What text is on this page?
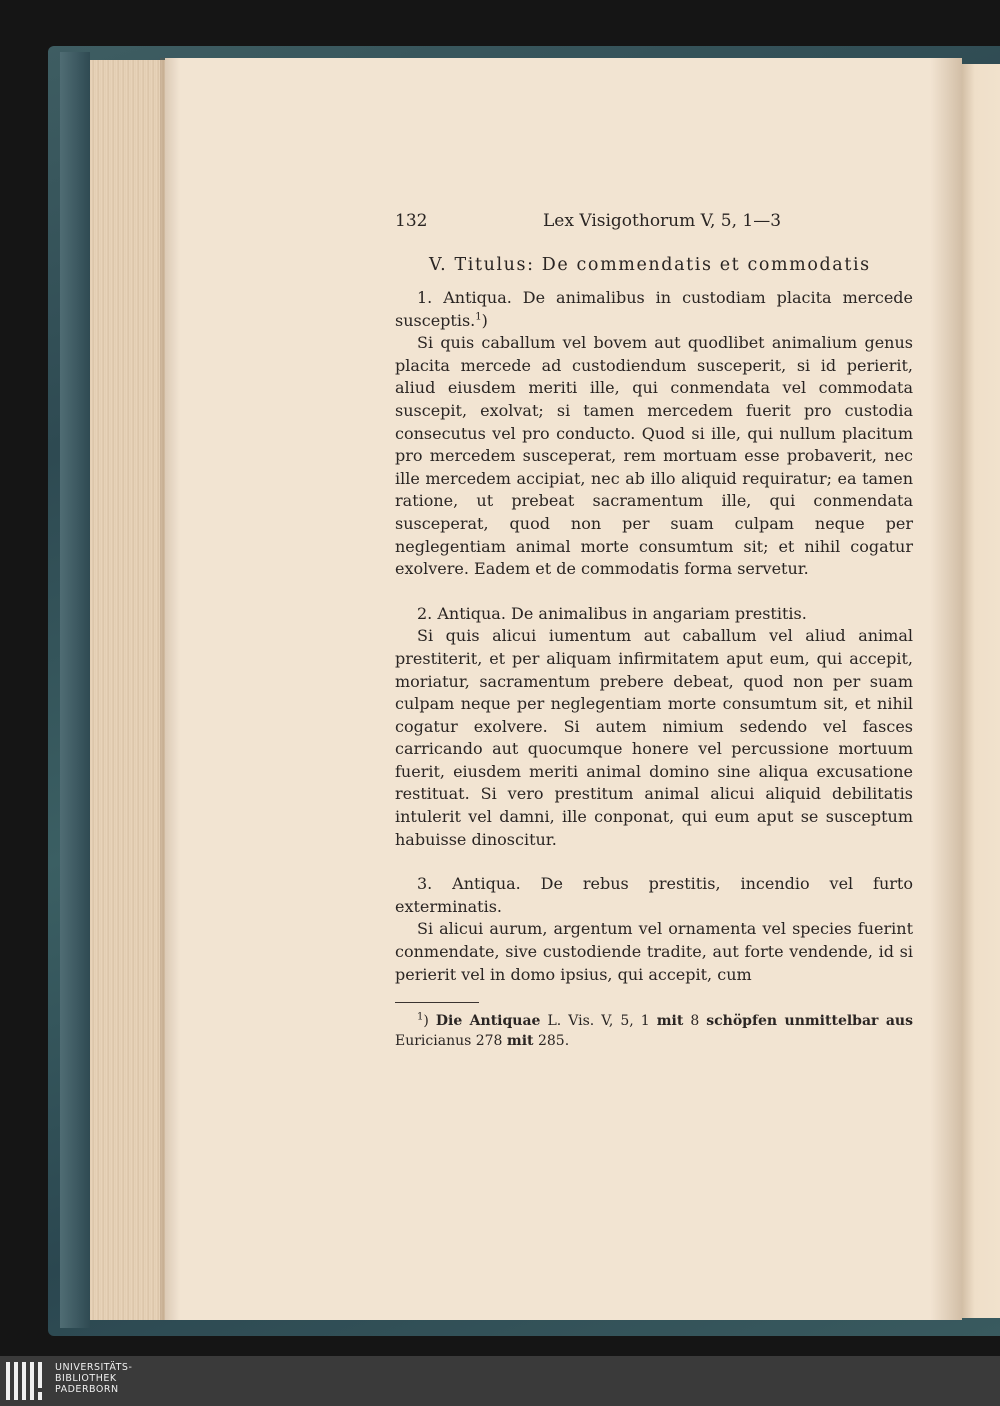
132	Lex Visigothorum V, 5, 1—3
V. Titulus: De commendatis et commodatis

1. Antiqua. De animalibus in custodiam placita mercede susceptis.$^1$)

Si quis caballum vel bovem aut quodlibet animalium genus placita mercede ad custodiendum susceperit, si id perierit, aliud eiusdem meriti ille, qui conmendata vel commodata suscepit, exolvat; si tamen mercedem fuerit pro custodia consecutus vel pro conducto. Quod si ille, qui nullum placitum pro mercedem susceperat, rem mortuam esse probaverit, nec ille mercedem accipiat, nec ab illo aliquid requiratur; ea tamen ratione, ut prebeat sacramentum ille, qui conmendata susceperat, quod non per suam culpam neque per neglegentiam animal morte consumtum sit; et nihil cogatur exolvere. Eadem et de commodatis forma servetur.

2. Antiqua. De animalibus in angariam prestitis.

Si quis alicui iumentum aut caballum vel aliud animal prestiterit, et per aliquam infirmitatem aput eum, qui accepit, moriatur, sacramentum prebere debeat, quod non per suam culpam neque per neglegentiam morte consumtum sit, et nihil cogatur exolvere. Si autem nimium sedendo vel fasces carricando aut quocumque honere vel percussione mortuum fuerit, eiusdem meriti animal domino sine aliqua excusatione restituat. Si vero prestitum animal alicui aliquid debilitatis intulerit vel damni, ille conponat, qui eum aput se susceptum habuisse dinoscitur.

3. Antiqua. De rebus prestitis, incendio vel furto exterminatis.

Si alicui aurum, argentum vel ornamenta vel species fuerint conmendate, sive custodiende tradite, aut forte vendende, id si perierit vel in domo ipsius, qui accepit, cum

$^1$) Die Antiquae L. Vis. V, 5, 1 mit 8 schöpfen unmittelbar aus Euricianus 278 mit 285.

UNIVERSITÄTS-
BIBLIOTHEK
PADERBORN
